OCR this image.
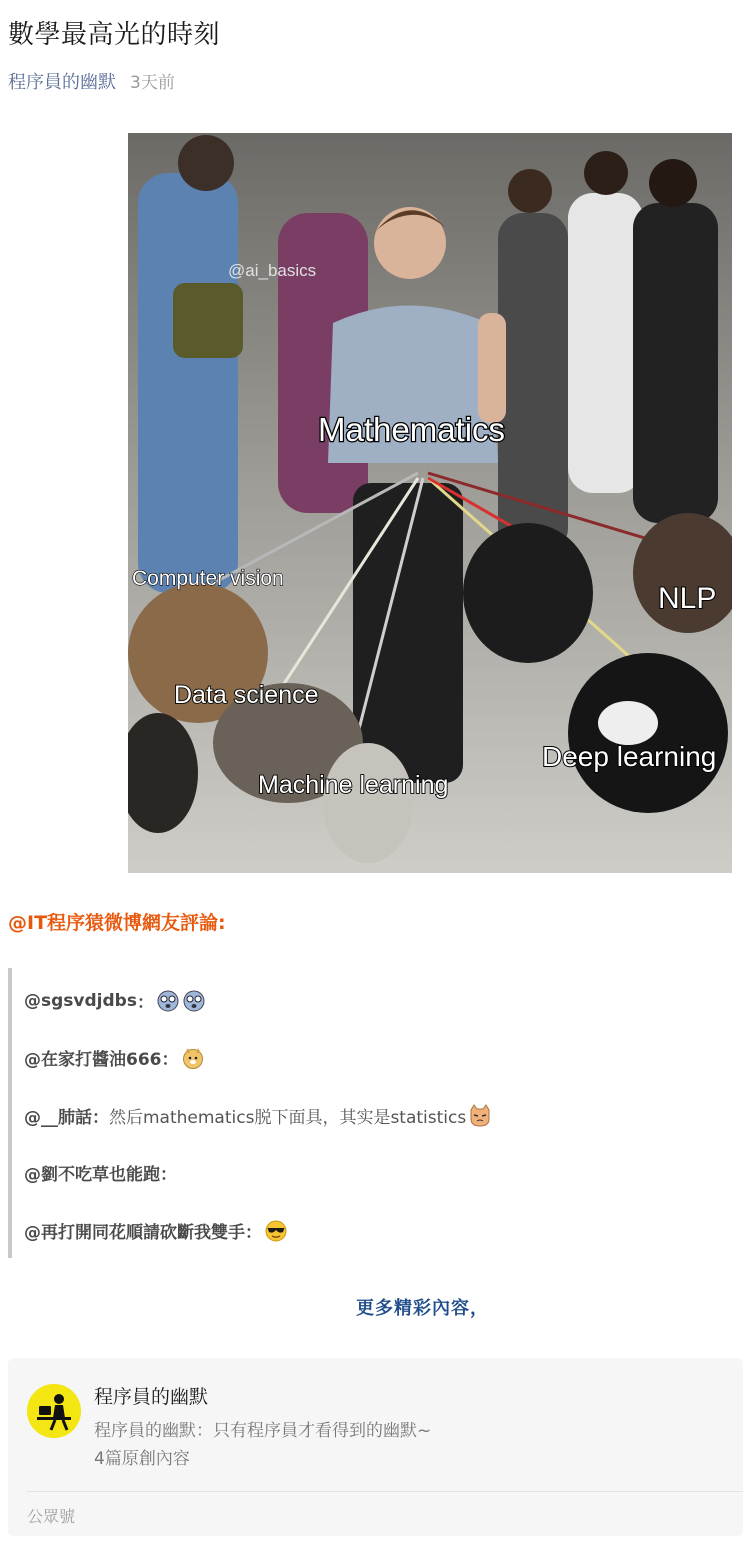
數學最高光的時刻
程序員的幽默 3天前
@ai_basics
Mathematics
Computer vision
NLP
Data science
Deep learning
Machine learning
@IT程序猿微博網友評論:
@sgsvdjdbs ：
@在家打醬油666 ：
@__肺話 ： 然后mathematics脱下面具，其实是statistics
@劉不吃草也能跑 ：
@再打開同花順請砍斷我雙手 ：
更多精彩內容，
程序員的幽默
程序員的幽默：只有程序員才看得到的幽默~
4篇原創內容
公眾號
